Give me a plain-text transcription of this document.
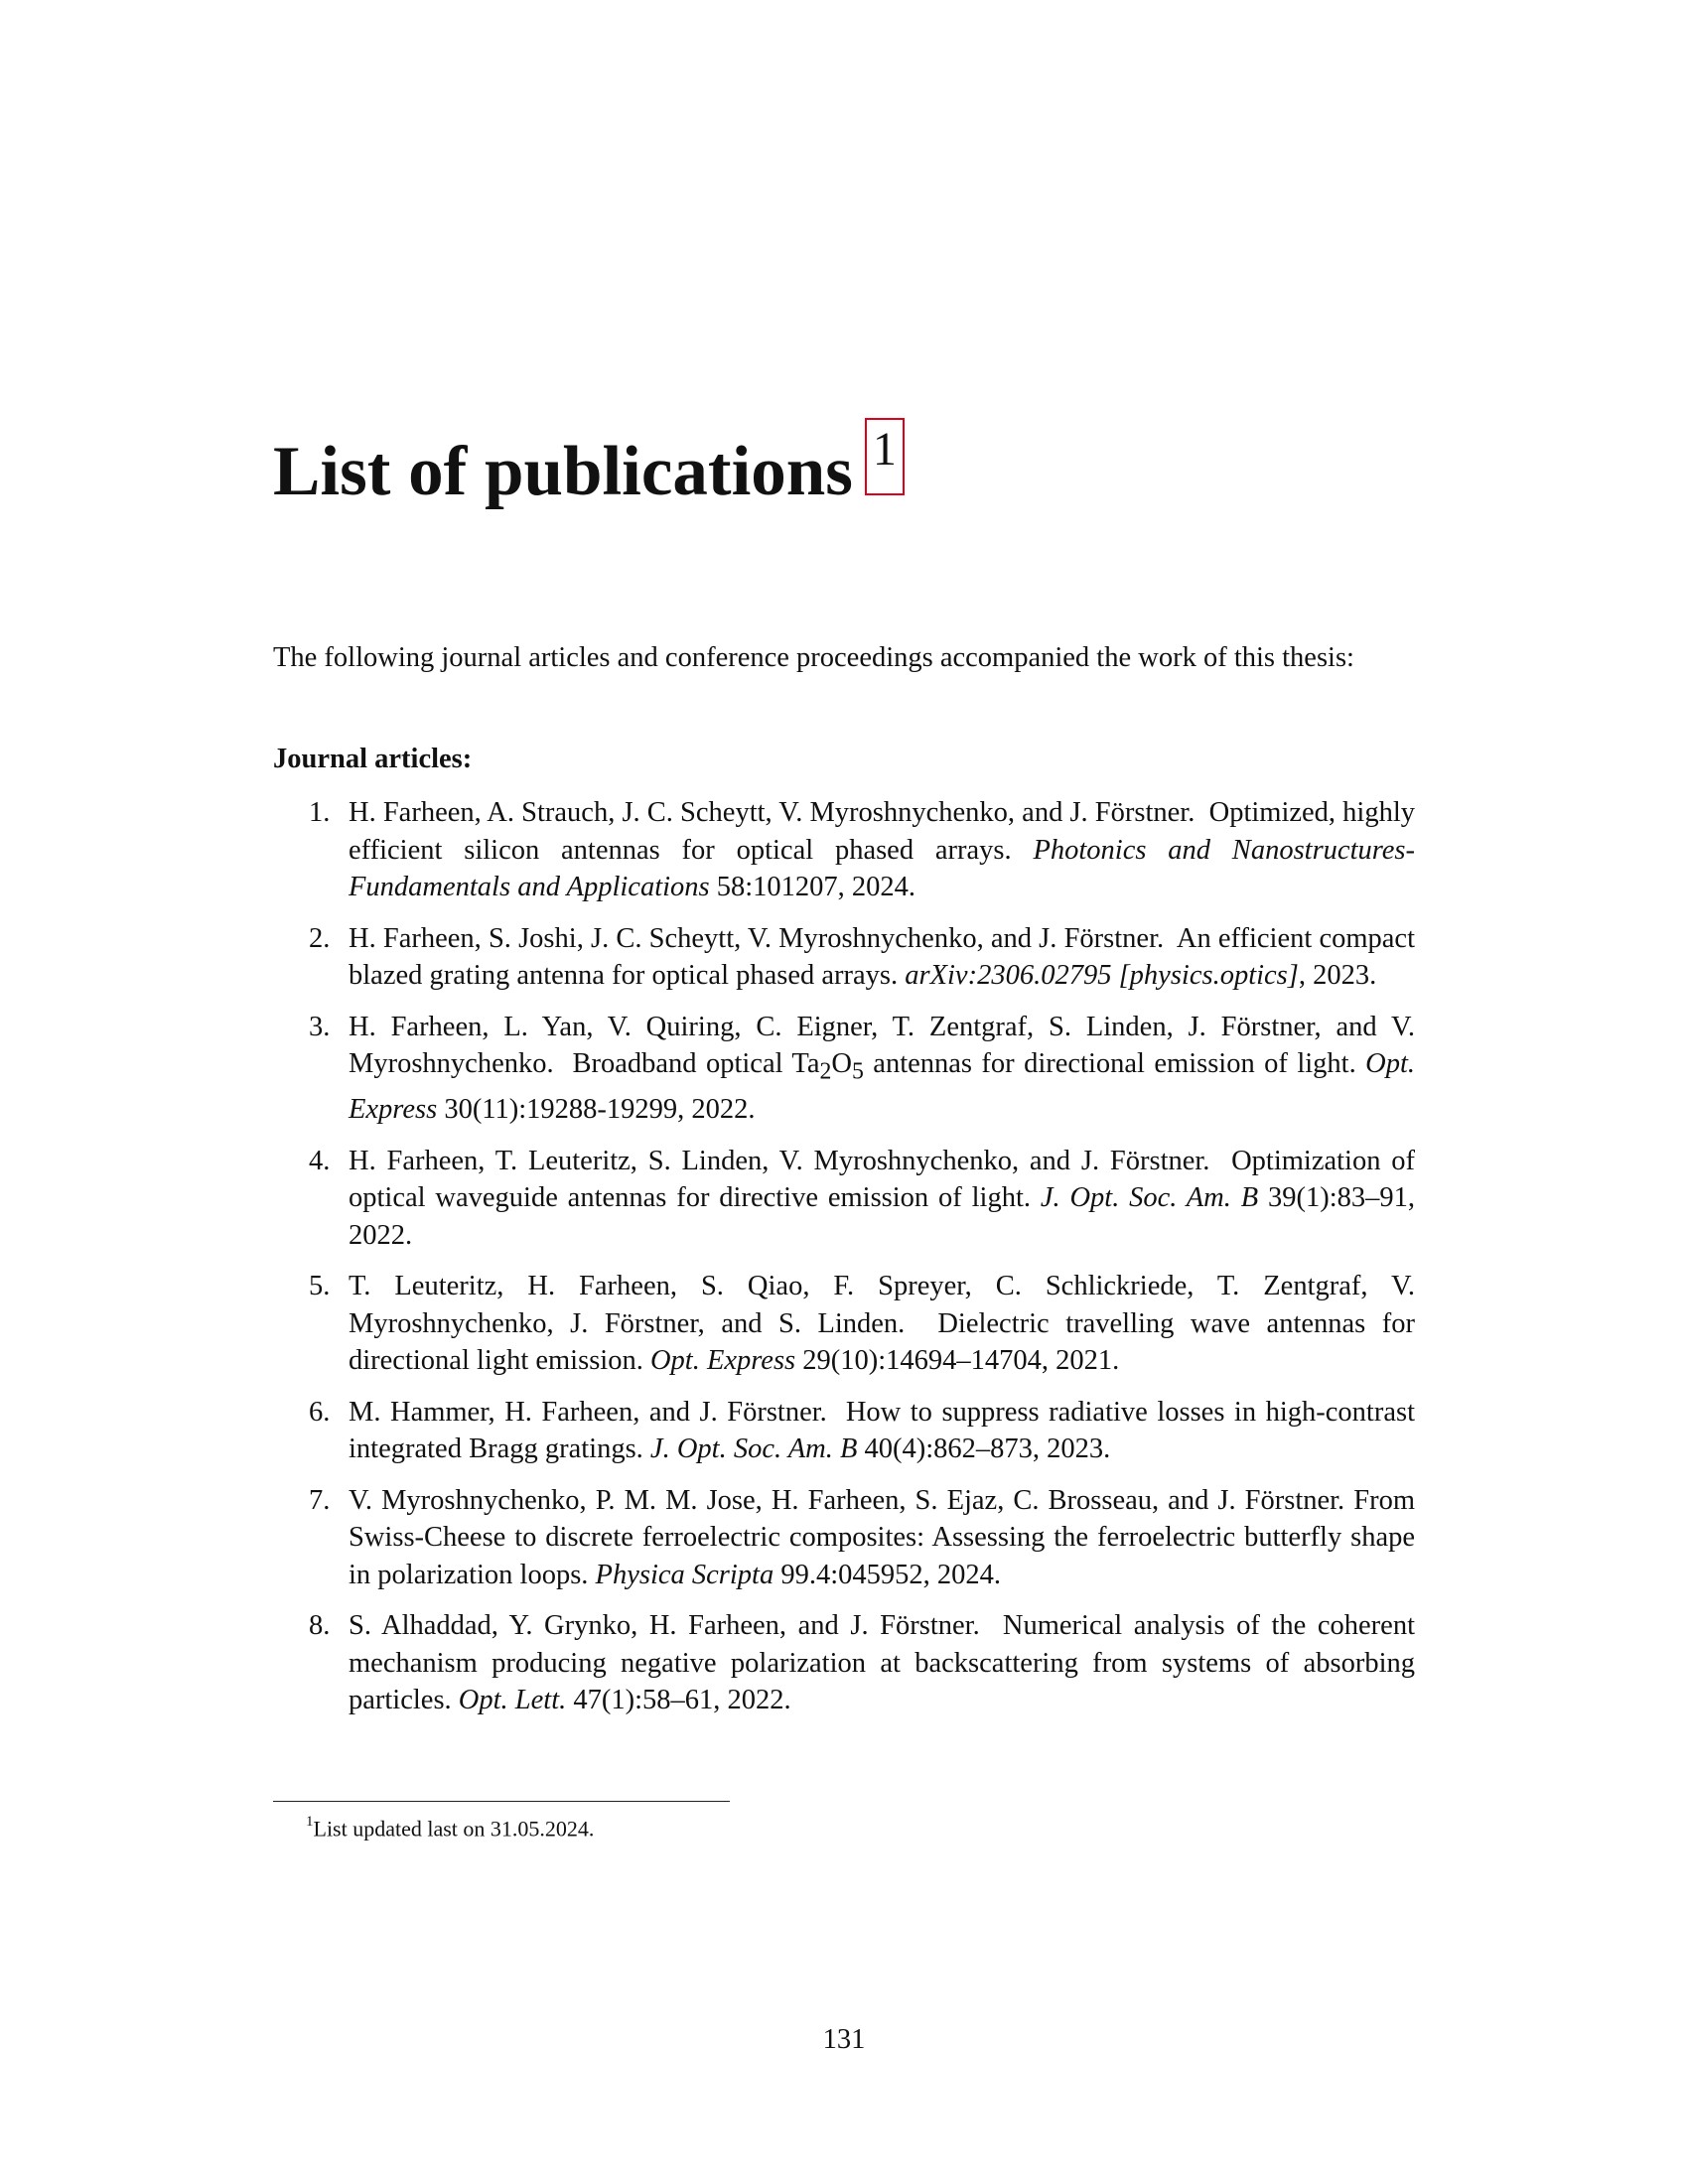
List of publications 1

The following journal articles and conference proceedings accompanied the work of this thesis:

Journal articles:
1. H. Farheen, A. Strauch, J. C. Scheytt, V. Myroshnychenko, and J. Förstner. Optimized, highly efficient silicon antennas for optical phased arrays. Photonics and Nanostructures-Fundamentals and Applications 58:101207, 2024.
2. H. Farheen, S. Joshi, J. C. Scheytt, V. Myroshnychenko, and J. Förstner. An efficient compact blazed grating antenna for optical phased arrays. arXiv:2306.02795 [physics.optics], 2023.
3. H. Farheen, L. Yan, V. Quiring, C. Eigner, T. Zentgraf, S. Linden, J. Förstner, and V. Myroshnychenko. Broadband optical $Ta_2O_5$ antennas for directional emission of light. Opt. Express 30(11):19288-19299, 2022.
4. H. Farheen, T. Leuteritz, S. Linden, V. Myroshnychenko, and J. Förstner. Optimization of optical waveguide antennas for directive emission of light. J. Opt. Soc. Am. B 39(1):83–91, 2022.
5. T. Leuteritz, H. Farheen, S. Qiao, F. Spreyer, C. Schlickriede, T. Zentgraf, V. Myroshnychenko, J. Förstner, and S. Linden. Dielectric travelling wave antennas for directional light emission. Opt. Express 29(10):14694–14704, 2021.
6. M. Hammer, H. Farheen, and J. Förstner. How to suppress radiative losses in high-contrast integrated Bragg gratings. J. Opt. Soc. Am. B 40(4):862–873, 2023.
7. V. Myroshnychenko, P. M. M. Jose, H. Farheen, S. Ejaz, C. Brosseau, and J. Förstner. From Swiss-Cheese to discrete ferroelectric composites: Assessing the ferroelectric butterfly shape in polarization loops. Physica Scripta 99.4:045952, 2024.
8. S. Alhaddad, Y. Grynko, H. Farheen, and J. Förstner. Numerical analysis of the coherent mechanism producing negative polarization at backscattering from systems of absorbing particles. Opt. Lett. 47(1):58–61, 2022.

$^1$List updated last on 31.05.2024.

131
